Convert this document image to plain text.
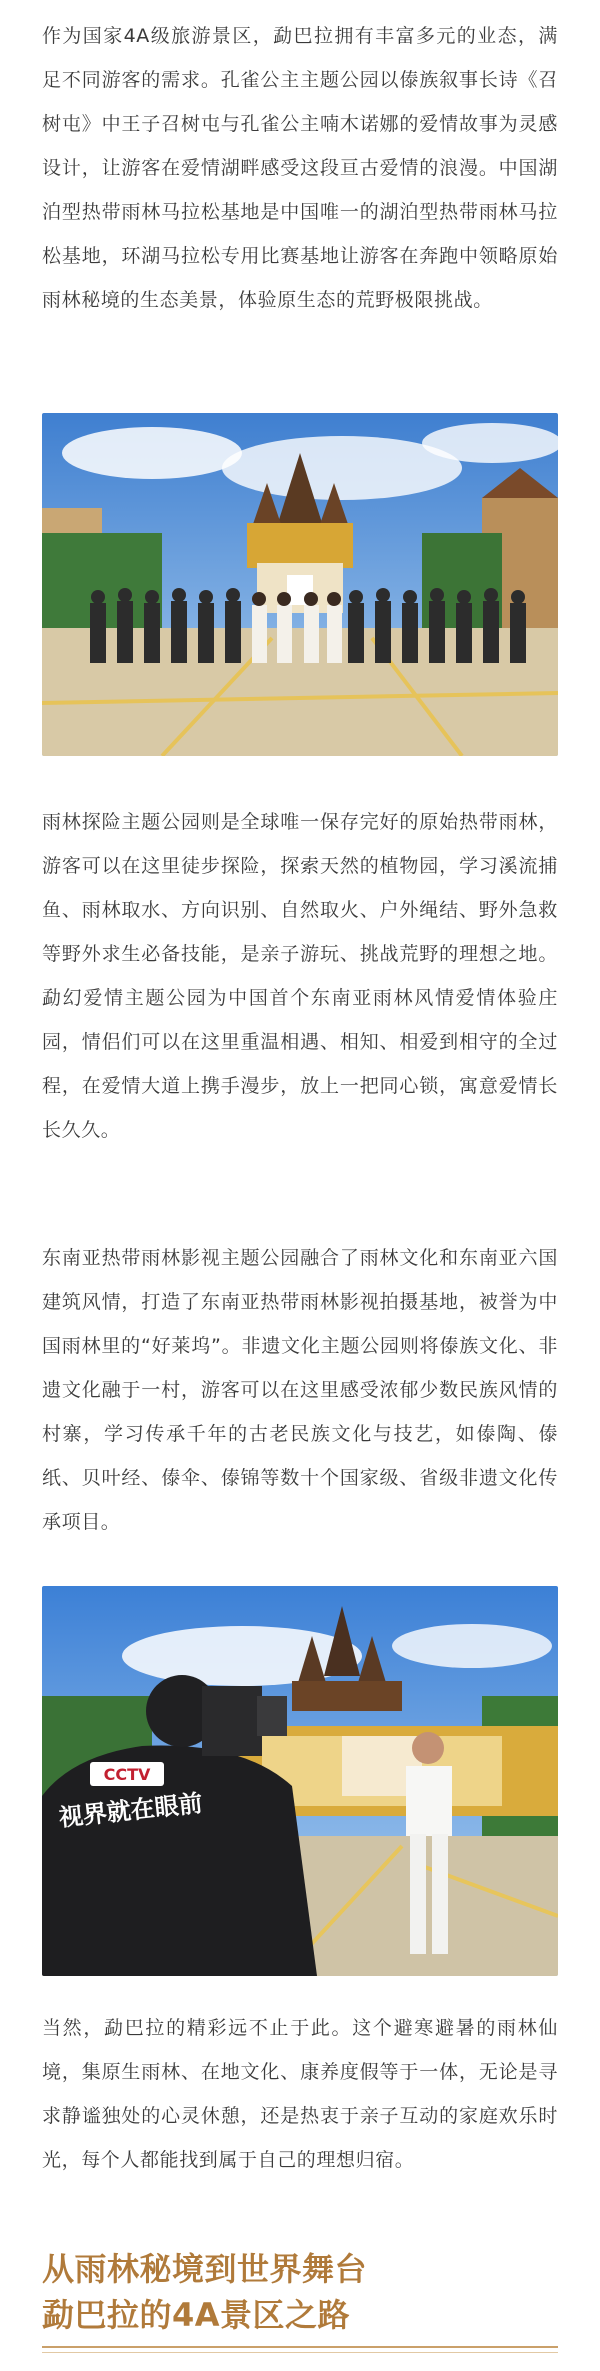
作为国家4A级旅游景区，勐巴拉拥有丰富多元的业态，满足不同游客的需求。孔雀公主主题公园以傣族叙事长诗《召树屯》中王子召树屯与孔雀公主喃木诺娜的爱情故事为灵感设计，让游客在爱情湖畔感受这段亘古爱情的浪漫。中国湖泊型热带雨林马拉松基地是中国唯一的湖泊型热带雨林马拉松基地，环湖马拉松专用比赛基地让游客在奔跑中领略原始雨林秘境的生态美景，体验原生态的荒野极限挑战。

雨林探险主题公园则是全球唯一保存完好的原始热带雨林，游客可以在这里徒步探险，探索天然的植物园，学习溪流捕鱼、雨林取水、方向识别、自然取火、户外绳结、野外急救等野外求生必备技能，是亲子游玩、挑战荒野的理想之地。勐幻爱情主题公园为中国首个东南亚雨林风情爱情体验庄园，情侣们可以在这里重温相遇、相知、相爱到相守的全过程，在爱情大道上携手漫步，放上一把同心锁，寓意爱情长长久久。

东南亚热带雨林影视主题公园融合了雨林文化和东南亚六国建筑风情，打造了东南亚热带雨林影视拍摄基地，被誉为中国雨林里的“好莱坞”。非遗文化主题公园则将傣族文化、非遗文化融于一村，游客可以在这里感受浓郁少数民族风情的村寨，学习传承千年的古老民族文化与技艺，如傣陶、傣纸、贝叶经、傣伞、傣锦等数十个国家级、省级非遗文化传承项目。

CCTV
视界就在眼前

当然，勐巴拉的精彩远不止于此。这个避寒避暑的雨林仙境，集原生雨林、在地文化、康养度假等于一体，无论是寻求静谧独处的心灵休憩，还是热衷于亲子互动的家庭欢乐时光，每个人都能找到属于自己的理想归宿。

从雨林秘境到世界舞台

勐巴拉的4A景区之路
